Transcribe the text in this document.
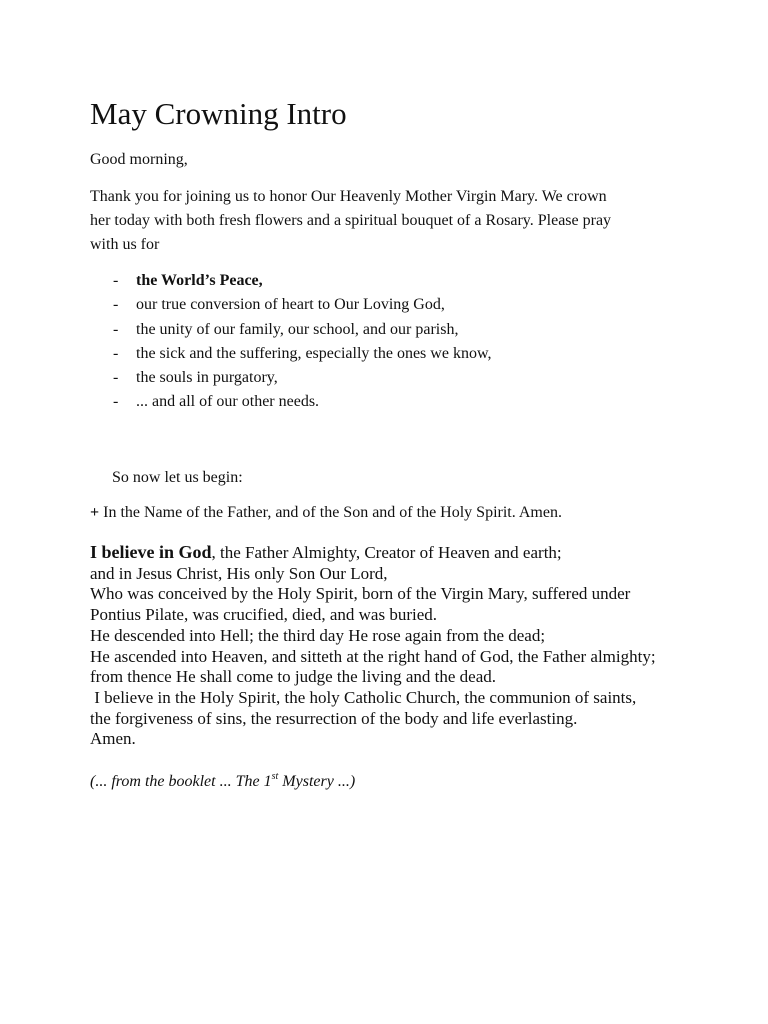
May Crowning Intro

Good morning,

Thank you for joining us to honor Our Heavenly Mother Virgin Mary. We crown
her today with both fresh flowers and a spiritual bouquet of a Rosary. Please pray
with us for

- the World’s Peace,
- our true conversion of heart to Our Loving God,
- the unity of our family, our school, and our parish,
- the sick and the suffering, especially the ones we know,
- the souls in purgatory,
- ... and all of our other needs.

So now let us begin:

+ In the Name of the Father, and of the Son and of the Holy Spirit. Amen.

I believe in God, the Father Almighty, Creator of Heaven and earth;
and in Jesus Christ, His only Son Our Lord,
Who was conceived by the Holy Spirit, born of the Virgin Mary, suffered under
Pontius Pilate, was crucified, died, and was buried.
He descended into Hell; the third day He rose again from the dead;
He ascended into Heaven, and sitteth at the right hand of God, the Father almighty;
from thence He shall come to judge the living and the dead.
I believe in the Holy Spirit, the holy Catholic Church, the communion of saints,
the forgiveness of sins, the resurrection of the body and life everlasting.
Amen.

(... from the booklet ... The 1st Mystery ...)
